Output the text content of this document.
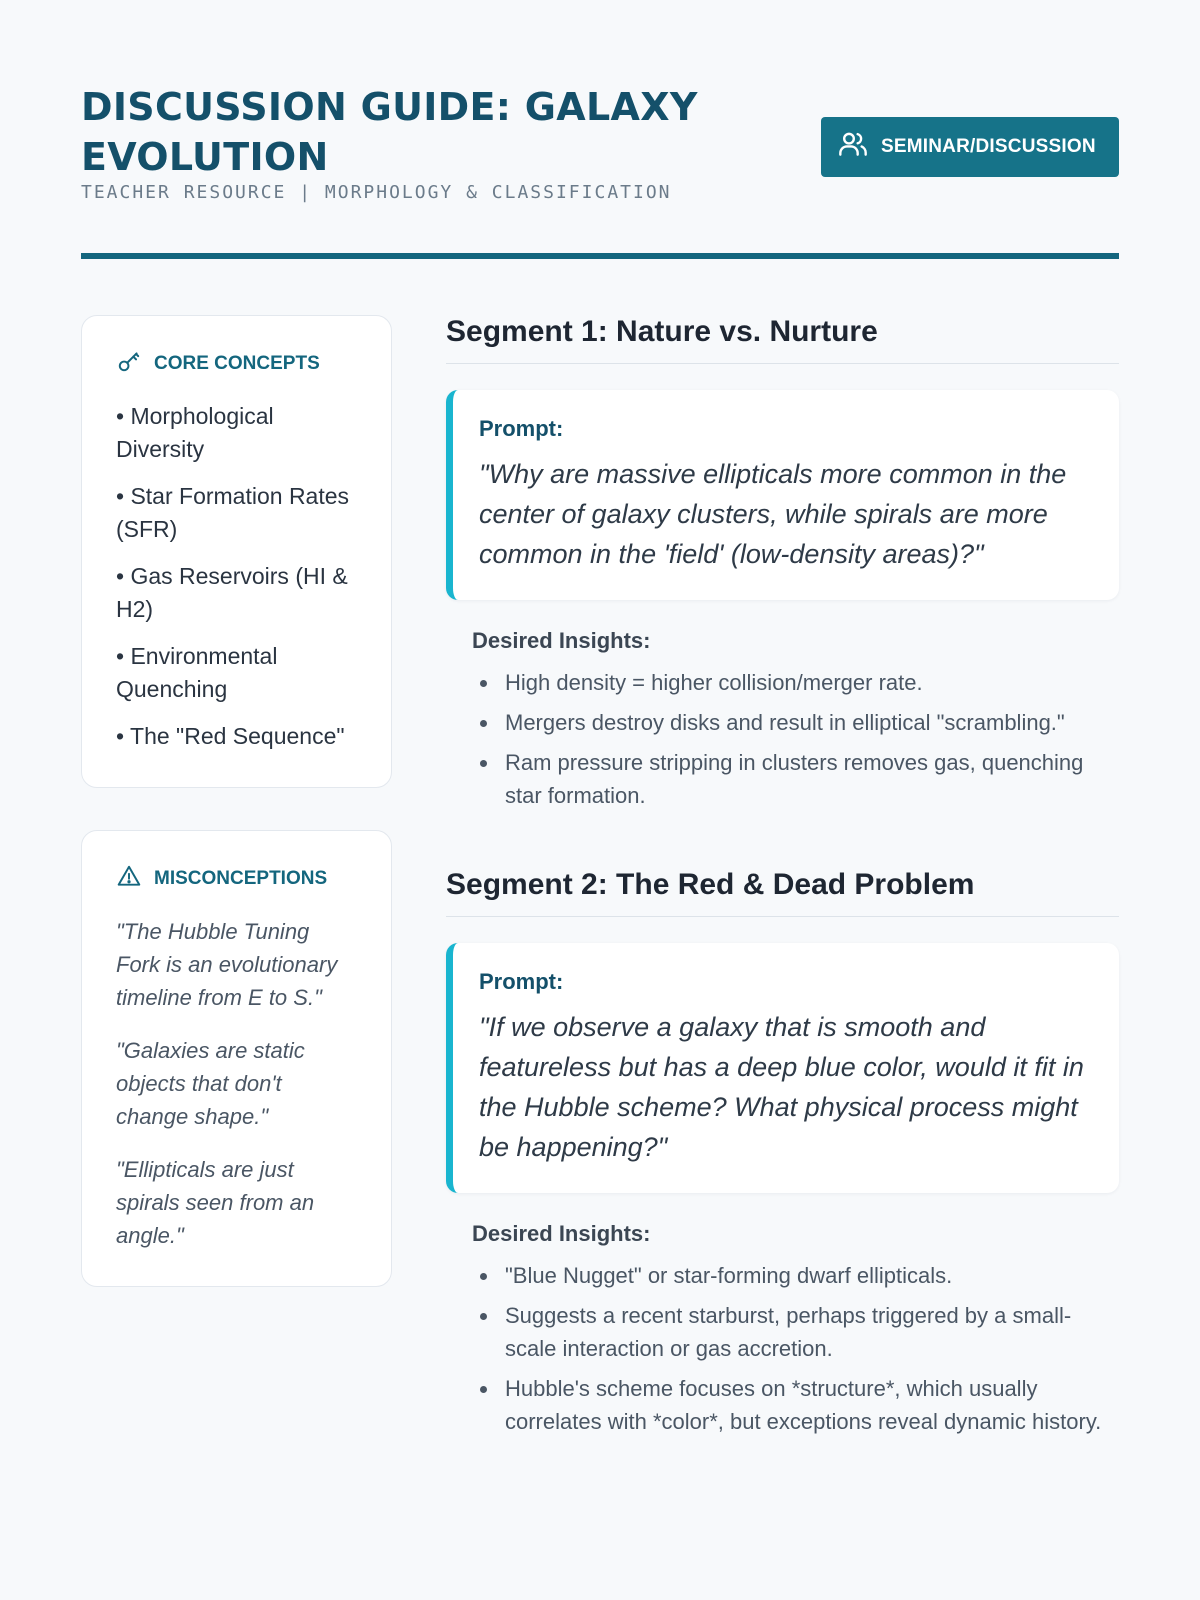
DISCUSSION GUIDE: GALAXY EVOLUTION
TEACHER RESOURCE | MORPHOLOGY & CLASSIFICATION
SEMINAR/DISCUSSION
CORE CONCEPTS
• Morphological Diversity
• Star Formation Rates (SFR)
• Gas Reservoirs (HI & H2)
• Environmental Quenching
• The "Red Sequence"
MISCONCEPTIONS
"The Hubble Tuning Fork is an evolutionary timeline from E to S."
"Galaxies are static objects that don't change shape."
"Ellipticals are just spirals seen from an angle."
Segment 1: Nature vs. Nurture
Prompt:
"Why are massive ellipticals more common in the center of galaxy clusters, while spirals are more common in the 'field' (low-density areas)?"
Desired Insights:
High density = higher collision/merger rate.
Mergers destroy disks and result in elliptical "scrambling."
Ram pressure stripping in clusters removes gas, quenching star formation.
Segment 2: The Red & Dead Problem
Prompt:
"If we observe a galaxy that is smooth and featureless but has a deep blue color, would it fit in the Hubble scheme? What physical process might be happening?"
Desired Insights:
"Blue Nugget" or star-forming dwarf ellipticals.
Suggests a recent starburst, perhaps triggered by a small-scale interaction or gas accretion.
Hubble's scheme focuses on *structure*, which usually correlates with *color*, but exceptions reveal dynamic history.
